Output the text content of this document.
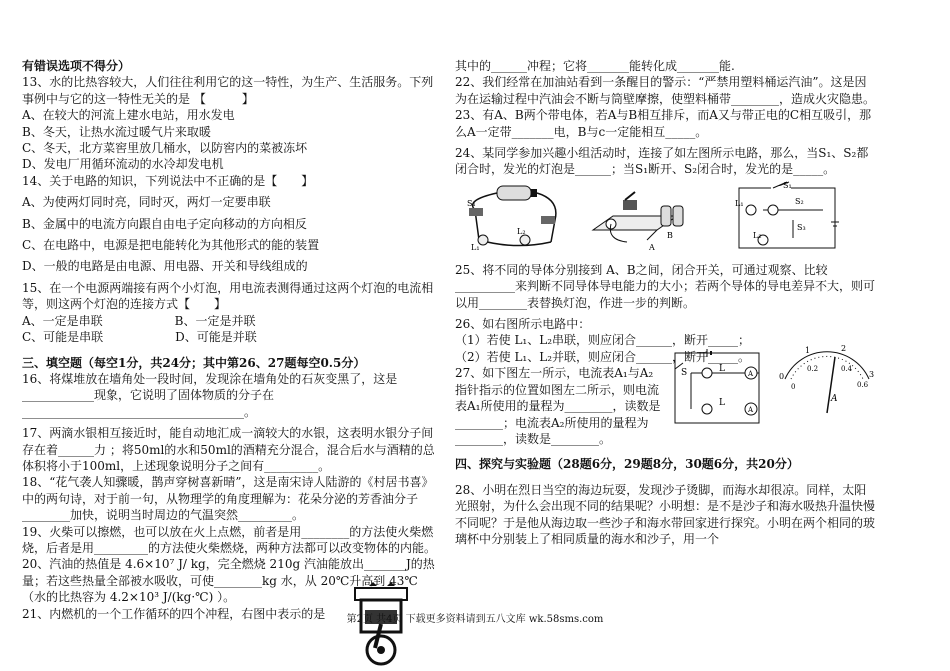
有错误选项不得分）

13、水的比热容较大，人们往往利用它的这一特性，为生产、生活服务。下列事例中与它的这一特性无关的是 【　　　】

A、在较大的河流上建水电站，用水发电

B、冬天，让热水流过暖气片来取暖

C、冬天，北方菜窖里放几桶水，以防窖内的菜被冻坏

D、发电厂用循环流动的水冷却发电机

14、关于电路的知识，下列说法中不正确的是【　　】

A、为使两灯同时亮，同时灭，两灯一定要串联

B、金属中的电流方向跟自由电子定向移动的方向相反

C、在电路中，电源是把电能转化为其他形式的能的装置

D、一般的电路是由电源、用电器、开关和导线组成的

15、在一个电源两端接有两个小灯泡，用电流表测得通过这两个灯泡的电流相等，则这两个灯泡的连接方式【　　】

A、一定是串联　　　　　　B、一定是并联

C、可能是串联　　　　　　D、可能是并联

三、填空题（每空1分，共24分；其中第26、27题每空0.5分）

16、将煤堆放在墙角处一段时间，发现涂在墙角处的石灰变黑了，这是____________现象，它说明了固体物质的分子在_____________________________________。

17、两滴水银相互接近时，能自动地汇成一滴较大的水银，这表明水银分子间存在着______力 ；将50ml的水和50ml的酒精充分混合，混合后水与酒精的总体积将小于100ml，上述现象说明分子之间有_________。

18、“花气袭人知骤暖，鹊声穿树喜新晴”，这是南宋诗人陆游的《村居书喜》中的两句诗，对于前一句，从物理学的角度理解为：花朵分泌的芳香油分子________加快，说明当时周边的气温突然_________。

19、火柴可以擦燃，也可以放在火上点燃，前者是用________的方法使火柴燃烧，后者是用_________的方法使火柴燃烧，两种方法都可以改变物体的内能。

20、汽油的热值是 4.6×10⁷ J/ kg，完全燃烧 210g 汽油能放出_______J的热量；若这些热量全部被水吸收，可使________kg 水，从 20℃升高到 43℃（水的比热容为 4.2×10³ J/(kg·℃) ）。

21、内燃机的一个工作循环的四个冲程，右图中表示的是

其中的______冲程；它将_______能转化成_______能.

22、我们经常在加油站看到一条醒目的警示：“严禁用塑料桶运汽油”。这是因为在运输过程中汽油会不断与筒壁摩擦，使塑料桶带________，造成火灾隐患。

23、有A、B两个带电体，若A与B相互排斥，而A又与带正电的C相互吸引，那么A一定带_______电，B与c一定能相互_____。

24、某同学参加兴趣小组活动时，连接了如左图所示电路，那么，当S₁、S₂都闭合时，发光的灯泡是______；当S₁断开、S₂闭合时，发光的是_____。

S₁
L₁
L₂
A
B
S₁
L₁	S₂
S₃
L₂

25、将不同的导体分别接到 A、B之间，闭合开关，可通过观察、比较__________来判断不同导体导电能力的大小；若两个导体的导电差异不大，则可以用________表替换灯泡，作进一步的判断。

26、如右图所示电路中：

（1）若使 L₁、L₂串联，则应闭合______，断开_____；

（2）若使 L₁、L₂并联，则应闭合______，断开_____。

27、如下图左一所示，电流表A₁与A₂指针指示的位置如图左二所示，则电流表A₁所使用的量程为________，读数是________；电流表A₂所使用的量程为________，读数是________。

S	L	A
L
A
0
1	2
3
0
0.2	0.4
0.6
A

四、探究与实验题（28题6分，29题8分，30题6分，共20分）

28、小明在烈日当空的海边玩耍，发现沙子烫脚，而海水却很凉。同样，太阳光照射，为什么会出现不同的结果呢？小明想：是不是沙子和海水吸热升温快慢不同呢？于是他从海边取一些沙子和海水带回家进行探究。小明在两个相同的玻璃杯中分别装上了相同质量的海水和沙子，用一个

第2页 共4页 下载更多资料请到五八文库 wk.58sms.com
